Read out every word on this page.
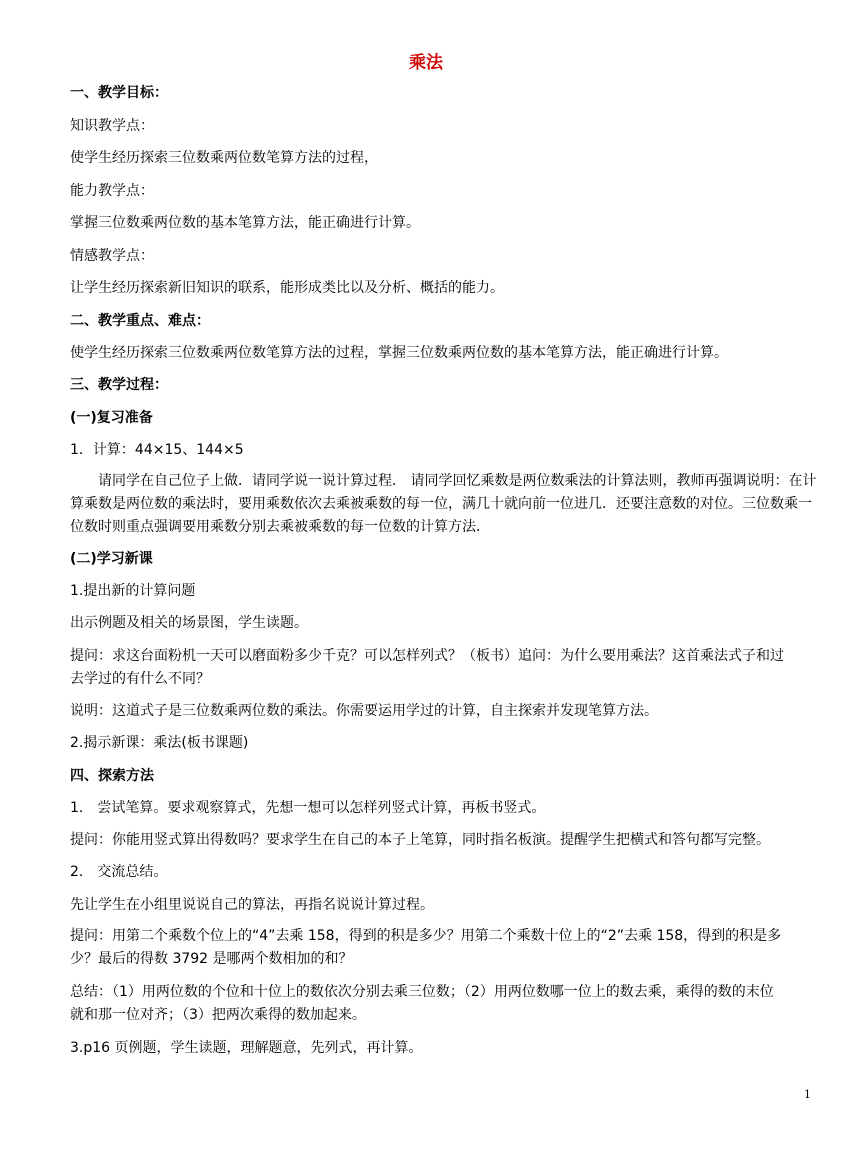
乘法
一、教学目标：
知识教学点：
使学生经历探索三位数乘两位数笔算方法的过程，
能力教学点：
掌握三位数乘两位数的基本笔算方法，能正确进行计算。
情感教学点：
让学生经历探索新旧知识的联系，能形成类比以及分析、概括的能力。
二、教学重点、难点：
使学生经历探索三位数乘两位数笔算方法的过程，掌握三位数乘两位数的基本笔算方法，能正确进行计算。
三、教学过程：
(一)复习准备
1．计算：44×15、144×5
请同学在自己位子上做．请同学说一说计算过程． 请同学回忆乘数是两位数乘法的计算法则，教师再强调说明：在计
算乘数是两位数的乘法时，要用乘数依次去乘被乘数的每一位，满几十就向前一位进几．还要注意数的对位。三位数乘一
位数时则重点强调要用乘数分别去乘被乘数的每一位数的计算方法．
(二)学习新课
1.提出新的计算问题
出示例题及相关的场景图，学生读题。
提问：求这台面粉机一天可以磨面粉多少千克？可以怎样列式？（板书）追问：为什么要用乘法？这首乘法式子和过
去学过的有什么不同？
说明：这道式子是三位数乘两位数的乘法。你需要运用学过的计算，自主探索并发现笔算方法。
2.揭示新课：乘法(板书课题)
四、探索方法
1.　尝试笔算。要求观察算式，先想一想可以怎样列竖式计算，再板书竖式。
提问：你能用竖式算出得数吗？要求学生在自己的本子上笔算，同时指名板演。提醒学生把横式和答句都写完整。
2.　交流总结。
先让学生在小组里说说自己的算法，再指名说说计算过程。
提问：用第二个乘数个位上的“4”去乘 158，得到的积是多少？用第二个乘数十位上的“2”去乘 158，得到的积是多
少？最后的得数 3792 是哪两个数相加的和？
总结：（1）用两位数的个位和十位上的数依次分别去乘三位数；（2）用两位数哪一位上的数去乘，乘得的数的末位
就和那一位对齐；（3）把两次乘得的数加起来。
3.p16 页例题，学生读题，理解题意，先列式，再计算。
1
